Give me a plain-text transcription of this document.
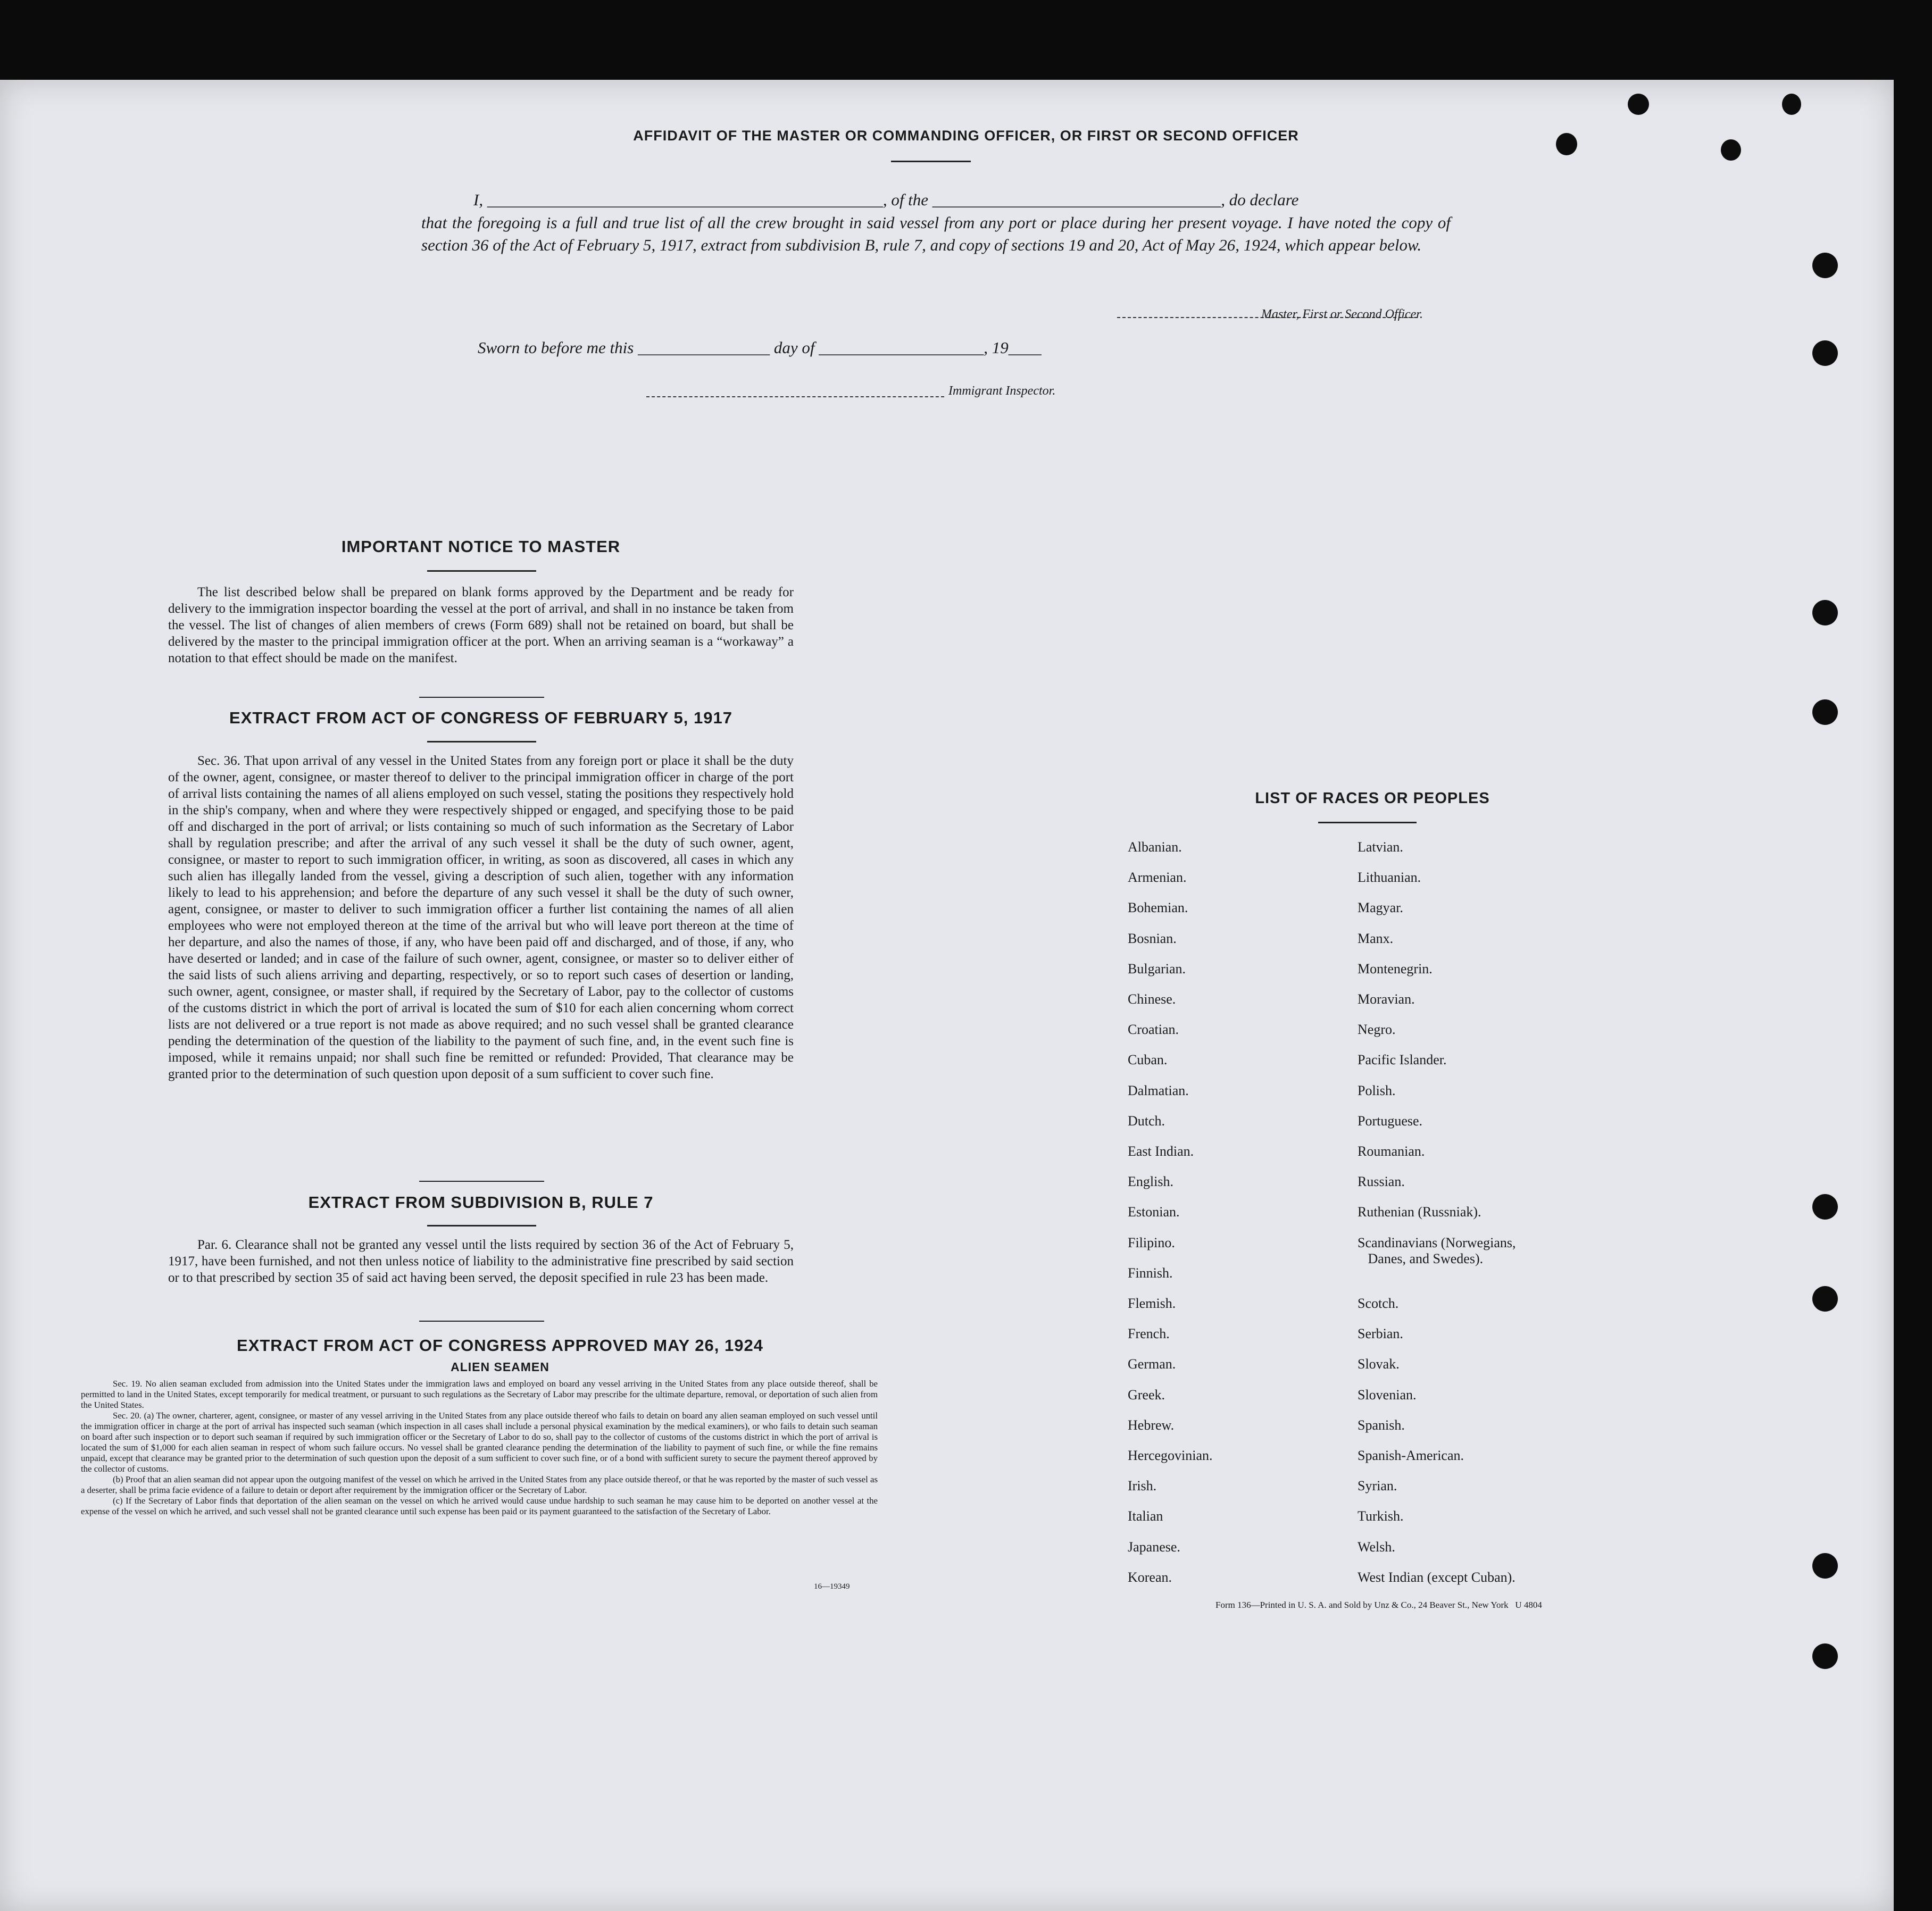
AFFIDAVIT OF THE MASTER OR COMMANDING OFFICER, OR FIRST OR SECOND OFFICER
I, ________________________________________________, of the ___________________________________, do declare
that the foregoing is a full and true list of all the crew brought in said vessel from any port or place during her present voyage. I have noted the copy of section 36 of the Act of February 5, 1917, extract from subdivision B, rule 7, and copy of sections 19 and 20, Act of May 26, 1924, which appear below.
Master, First or Second Officer.
Sworn to before me this ________________ day of ____________________, 19____
Immigrant Inspector.
IMPORTANT NOTICE TO MASTER
The list described below shall be prepared on blank forms approved by the Department and be ready for delivery to the immigration inspector boarding the vessel at the port of arrival, and shall in no instance be taken from the vessel. The list of changes of alien members of crews (Form 689) shall not be retained on board, but shall be delivered by the master to the principal immigration officer at the port. When an arriving seaman is a “workaway” a notation to that effect should be made on the manifest.
EXTRACT FROM ACT OF CONGRESS OF FEBRUARY 5, 1917
Sec. 36. That upon arrival of any vessel in the United States from any foreign port or place it shall be the duty of the owner, agent, consignee, or master thereof to deliver to the principal immigration officer in charge of the port of arrival lists containing the names of all aliens employed on such vessel, stating the positions they respectively hold in the ship's company, when and where they were respectively shipped or engaged, and specifying those to be paid off and discharged in the port of arrival; or lists containing so much of such information as the Secretary of Labor shall by regulation prescribe; and after the arrival of any such vessel it shall be the duty of such owner, agent, consignee, or master to report to such immigration officer, in writing, as soon as discovered, all cases in which any such alien has illegally landed from the vessel, giving a description of such alien, together with any information likely to lead to his apprehension; and before the departure of any such vessel it shall be the duty of such owner, agent, consignee, or master to deliver to such immigration officer a further list containing the names of all alien employees who were not employed thereon at the time of the arrival but who will leave port thereon at the time of her departure, and also the names of those, if any, who have been paid off and discharged, and of those, if any, who have deserted or landed; and in case of the failure of such owner, agent, consignee, or master so to deliver either of the said lists of such aliens arriving and departing, respectively, or so to report such cases of desertion or landing, such owner, agent, consignee, or master shall, if required by the Secretary of Labor, pay to the collector of customs of the customs district in which the port of arrival is located the sum of $10 for each alien concerning whom correct lists are not delivered or a true report is not made as above required; and no such vessel shall be granted clearance pending the determination of the question of the liability to the payment of such fine, and, in the event such fine is imposed, while it remains unpaid; nor shall such fine be remitted or refunded: Provided, That clearance may be granted prior to the determination of such question upon deposit of a sum sufficient to cover such fine.
EXTRACT FROM SUBDIVISION B, RULE 7
Par. 6. Clearance shall not be granted any vessel until the lists required by section 36 of the Act of February 5, 1917, have been furnished, and not then unless notice of liability to the administrative fine prescribed by said section or to that prescribed by section 35 of said act having been served, the deposit specified in rule 23 has been made.
EXTRACT FROM ACT OF CONGRESS APPROVED MAY 26, 1924
ALIEN SEAMEN
Sec. 19. No alien seaman excluded from admission into the United States under the immigration laws and employed on board any vessel arriving in the United States from any place outside thereof, shall be permitted to land in the United States, except temporarily for medical treatment, or pursuant to such regulations as the Secretary of Labor may prescribe for the ultimate departure, removal, or deportation of such alien from the United States.
Sec. 20. (a) The owner, charterer, agent, consignee, or master of any vessel arriving in the United States from any place outside thereof who fails to detain on board any alien seaman employed on such vessel until the immigration officer in charge at the port of arrival has inspected such seaman (which inspection in all cases shall include a personal physical examination by the medical examiners), or who fails to detain such seaman on board after such inspection or to deport such seaman if required by such immigration officer or the Secretary of Labor to do so, shall pay to the collector of customs of the customs district in which the port of arrival is located the sum of $1,000 for each alien seaman in respect of whom such failure occurs. No vessel shall be granted clearance pending the determination of the liability to payment of such fine, or while the fine remains unpaid, except that clearance may be granted prior to the determination of such question upon the deposit of a sum sufficient to cover such fine, or of a bond with sufficient surety to secure the payment thereof approved by the collector of customs.
(b) Proof that an alien seaman did not appear upon the outgoing manifest of the vessel on which he arrived in the United States from any place outside thereof, or that he was reported by the master of such vessel as a deserter, shall be prima facie evidence of a failure to detain or deport after requirement by the immigration officer or the Secretary of Labor.
(c) If the Secretary of Labor finds that deportation of the alien seaman on the vessel on which he arrived would cause undue hardship to such seaman he may cause him to be deported on another vessel at the expense of the vessel on which he arrived, and such vessel shall not be granted clearance until such expense has been paid or its payment guaranteed to the satisfaction of the Secretary of Labor.
16—19349
LIST OF RACES OR PEOPLES
Albanian.
Armenian.
Bohemian.
Bosnian.
Bulgarian.
Chinese.
Croatian.
Cuban.
Dalmatian.
Dutch.
East Indian.
English.
Estonian.
Filipino.
Finnish.
Flemish.
French.
German.
Greek.
Hebrew.
Hercegovinian.
Irish.
Italian
Japanese.
Korean.
Latvian.
Lithuanian.
Magyar.
Manx.
Montenegrin.
Moravian.
Negro.
Pacific Islander.
Polish.
Portuguese.
Roumanian.
Russian.
Ruthenian (Russniak).
Scandinavians (Norwegians,
Danes, and Swedes).
Scotch.
Serbian.
Slovak.
Slovenian.
Spanish.
Spanish-American.
Syrian.
Turkish.
Welsh.
West Indian (except Cuban).
Form 136—Printed in U. S. A. and Sold by Unz & Co., 24 Beaver St., New York   U 4804
